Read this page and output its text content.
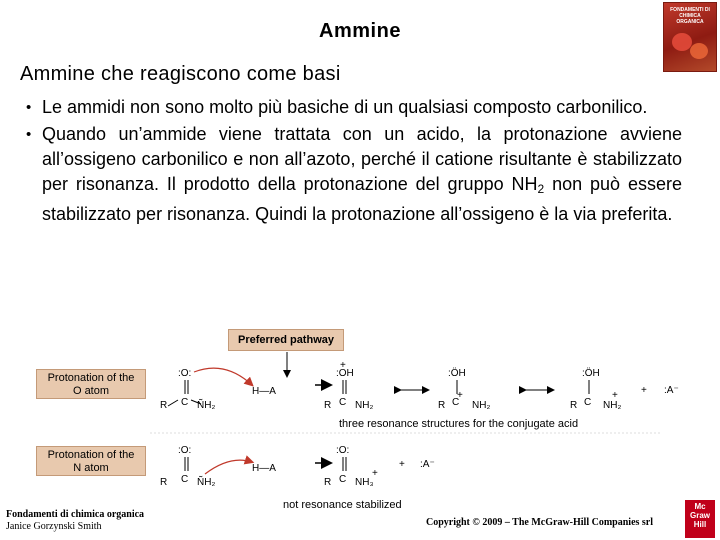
Ammine
FONDAMENTI DI CHIMICA ORGANICA
Ammine che reagiscono come basi
• Le ammidi non sono molto più basiche di un qualsiasi composto carbonilico.
• Quando un’ammide viene trattata con un acido, la protonazione avviene all’ossigeno carbonilico e non all’azoto, perché il catione risultante è stabilizzato per risonanza. Il prodotto della protonazione del gruppo $NH_2$ non può essere stabilizzato per risonanza. Quindi la protonazione all’ossigeno è la via preferita.
Preferred pathway
Protonation of the
O atom
Protonation of the
N atom
:O:
C
R	ÑH₂
H—A
+
:OH
C
R NH₂
:ÖH
C
+
R	NH₂
:ÖH
C
R	NH₂
+ + :A⁻
:O:
C
R	ÑH₂
H—A
:O:
C
R NH₃
+
+ :A⁻
three resonance structures for the conjugate acid
not resonance stabilized
Fondamenti di chimica organica
Janice Gorzynski Smith	Copyright © 2009 – The McGraw-Hill Companies srl
Mc Graw Hill
